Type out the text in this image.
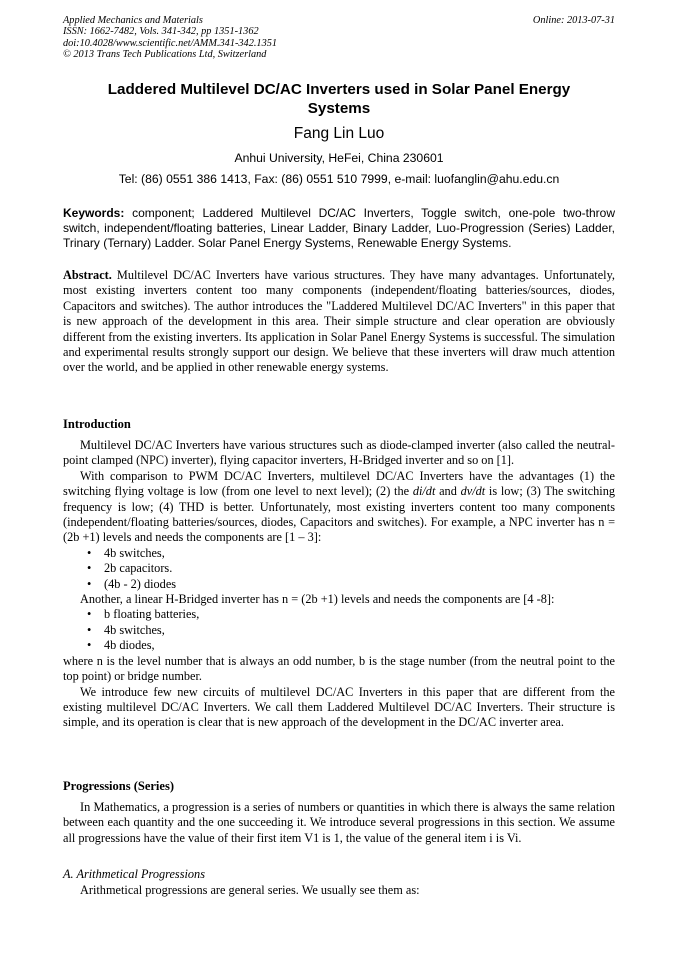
Applied Mechanics and Materials
ISSN: 1662-7482, Vols. 341-342, pp 1351-1362
doi:10.4028/www.scientific.net/AMM.341-342.1351
© 2013 Trans Tech Publications Ltd, Switzerland
Online: 2013-07-31
Laddered Multilevel DC/AC Inverters used in Solar Panel Energy
Systems
Fang Lin Luo
Anhui University, HeFei, China 230601
Tel: (86) 0551 386 1413, Fax: (86) 0551 510 7999, e-mail: luofanglin@ahu.edu.cn
Keywords: component; Laddered Multilevel DC/AC Inverters, Toggle switch, one-pole two-throw switch, independent/floating batteries, Linear Ladder, Binary Ladder, Luo-Progression (Series) Ladder, Trinary (Ternary) Ladder. Solar Panel Energy Systems, Renewable Energy Systems.
Abstract. Multilevel DC/AC Inverters have various structures. They have many advantages. Unfortunately, most existing inverters content too many components (independent/floating batteries/sources, diodes, Capacitors and switches). The author introduces the "Laddered Multilevel DC/AC Inverters" in this paper that is new approach of the development in this area. Their simple structure and clear operation are obviously different from the existing inverters. Its application in Solar Panel Energy Systems is successful. The simulation and experimental results strongly support our design. We believe that these inverters will draw much attention over the world, and be applied in other renewable energy systems.
Introduction

Multilevel DC/AC Inverters have various structures such as diode-clamped inverter (also called the neutral-point clamped (NPC) inverter), flying capacitor inverters, H-Bridged inverter and so on [1].

With comparison to PWM DC/AC Inverters, multilevel DC/AC Inverters have the advantages (1) the switching flying voltage is low (from one level to next level); (2) the di/dt and dv/dt is low; (3) The switching frequency is low; (4) THD is better. Unfortunately, most existing inverters content too many components (independent/floating batteries/sources, diodes, Capacitors and switches). For example, a NPC inverter has n = (2b +1) levels and needs the components are [1 – 3]:

• 4b switches,
• 2b capacitors.
• (4b - 2) diodes

Another, a linear H-Bridged inverter has n = (2b +1) levels and needs the components are [4 -8]:

• b floating batteries,
• 4b switches,
• 4b diodes,

where n is the level number that is always an odd number, b is the stage number (from the neutral point to the top point) or bridge number.

We introduce few new circuits of multilevel DC/AC Inverters in this paper that are different from the existing multilevel DC/AC Inverters. We call them Laddered Multilevel DC/AC Inverters. Their structure is simple, and its operation is clear that is new approach of the development in the DC/AC inverter area.

Progressions (Series)

In Mathematics, a progression is a series of numbers or quantities in which there is always the same relation between each quantity and the one succeeding it. We introduce several progressions in this section. We assume all progressions have the value of their first item V1 is 1, the value of the general item i is Vi.

A. Arithmetical Progressions

Arithmetical progressions are general series. We usually see them as:
